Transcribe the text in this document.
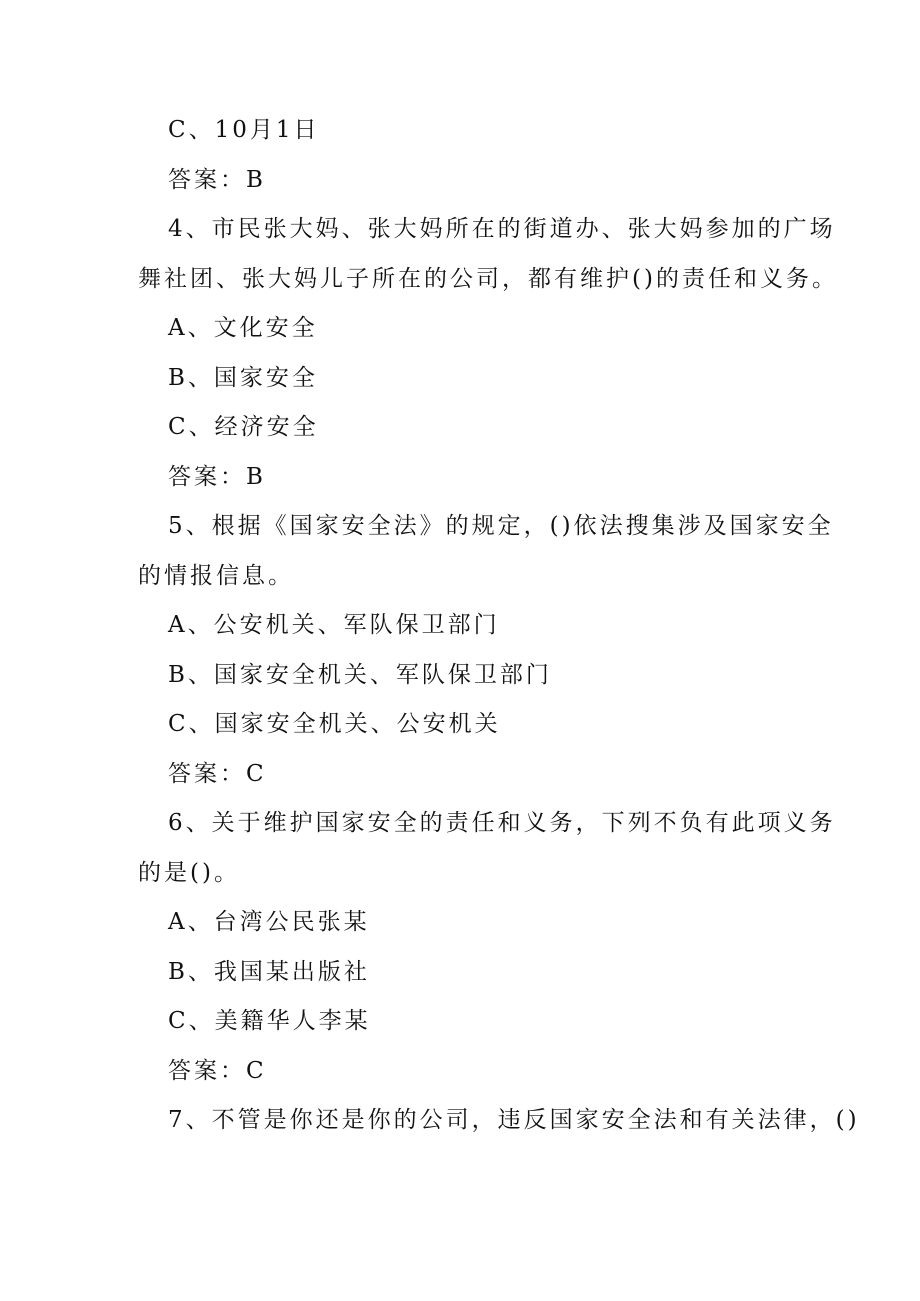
C、10月1日
答案：B
4、市民张大妈、张大妈所在的街道办、张大妈参加的广场
舞社团、张大妈儿子所在的公司，都有维护()的责任和义务。
A、文化安全
B、国家安全
C、经济安全
答案：B
5、根据《国家安全法》的规定，()依法搜集涉及国家安全
的情报信息。
A、公安机关、军队保卫部门
B、国家安全机关、军队保卫部门
C、国家安全机关、公安机关
答案：C
6、关于维护国家安全的责任和义务，下列不负有此项义务
的是()。
A、台湾公民张某
B、我国某出版社
C、美籍华人李某
答案：C
7、不管是你还是你的公司，违反国家安全法和有关法律，()
